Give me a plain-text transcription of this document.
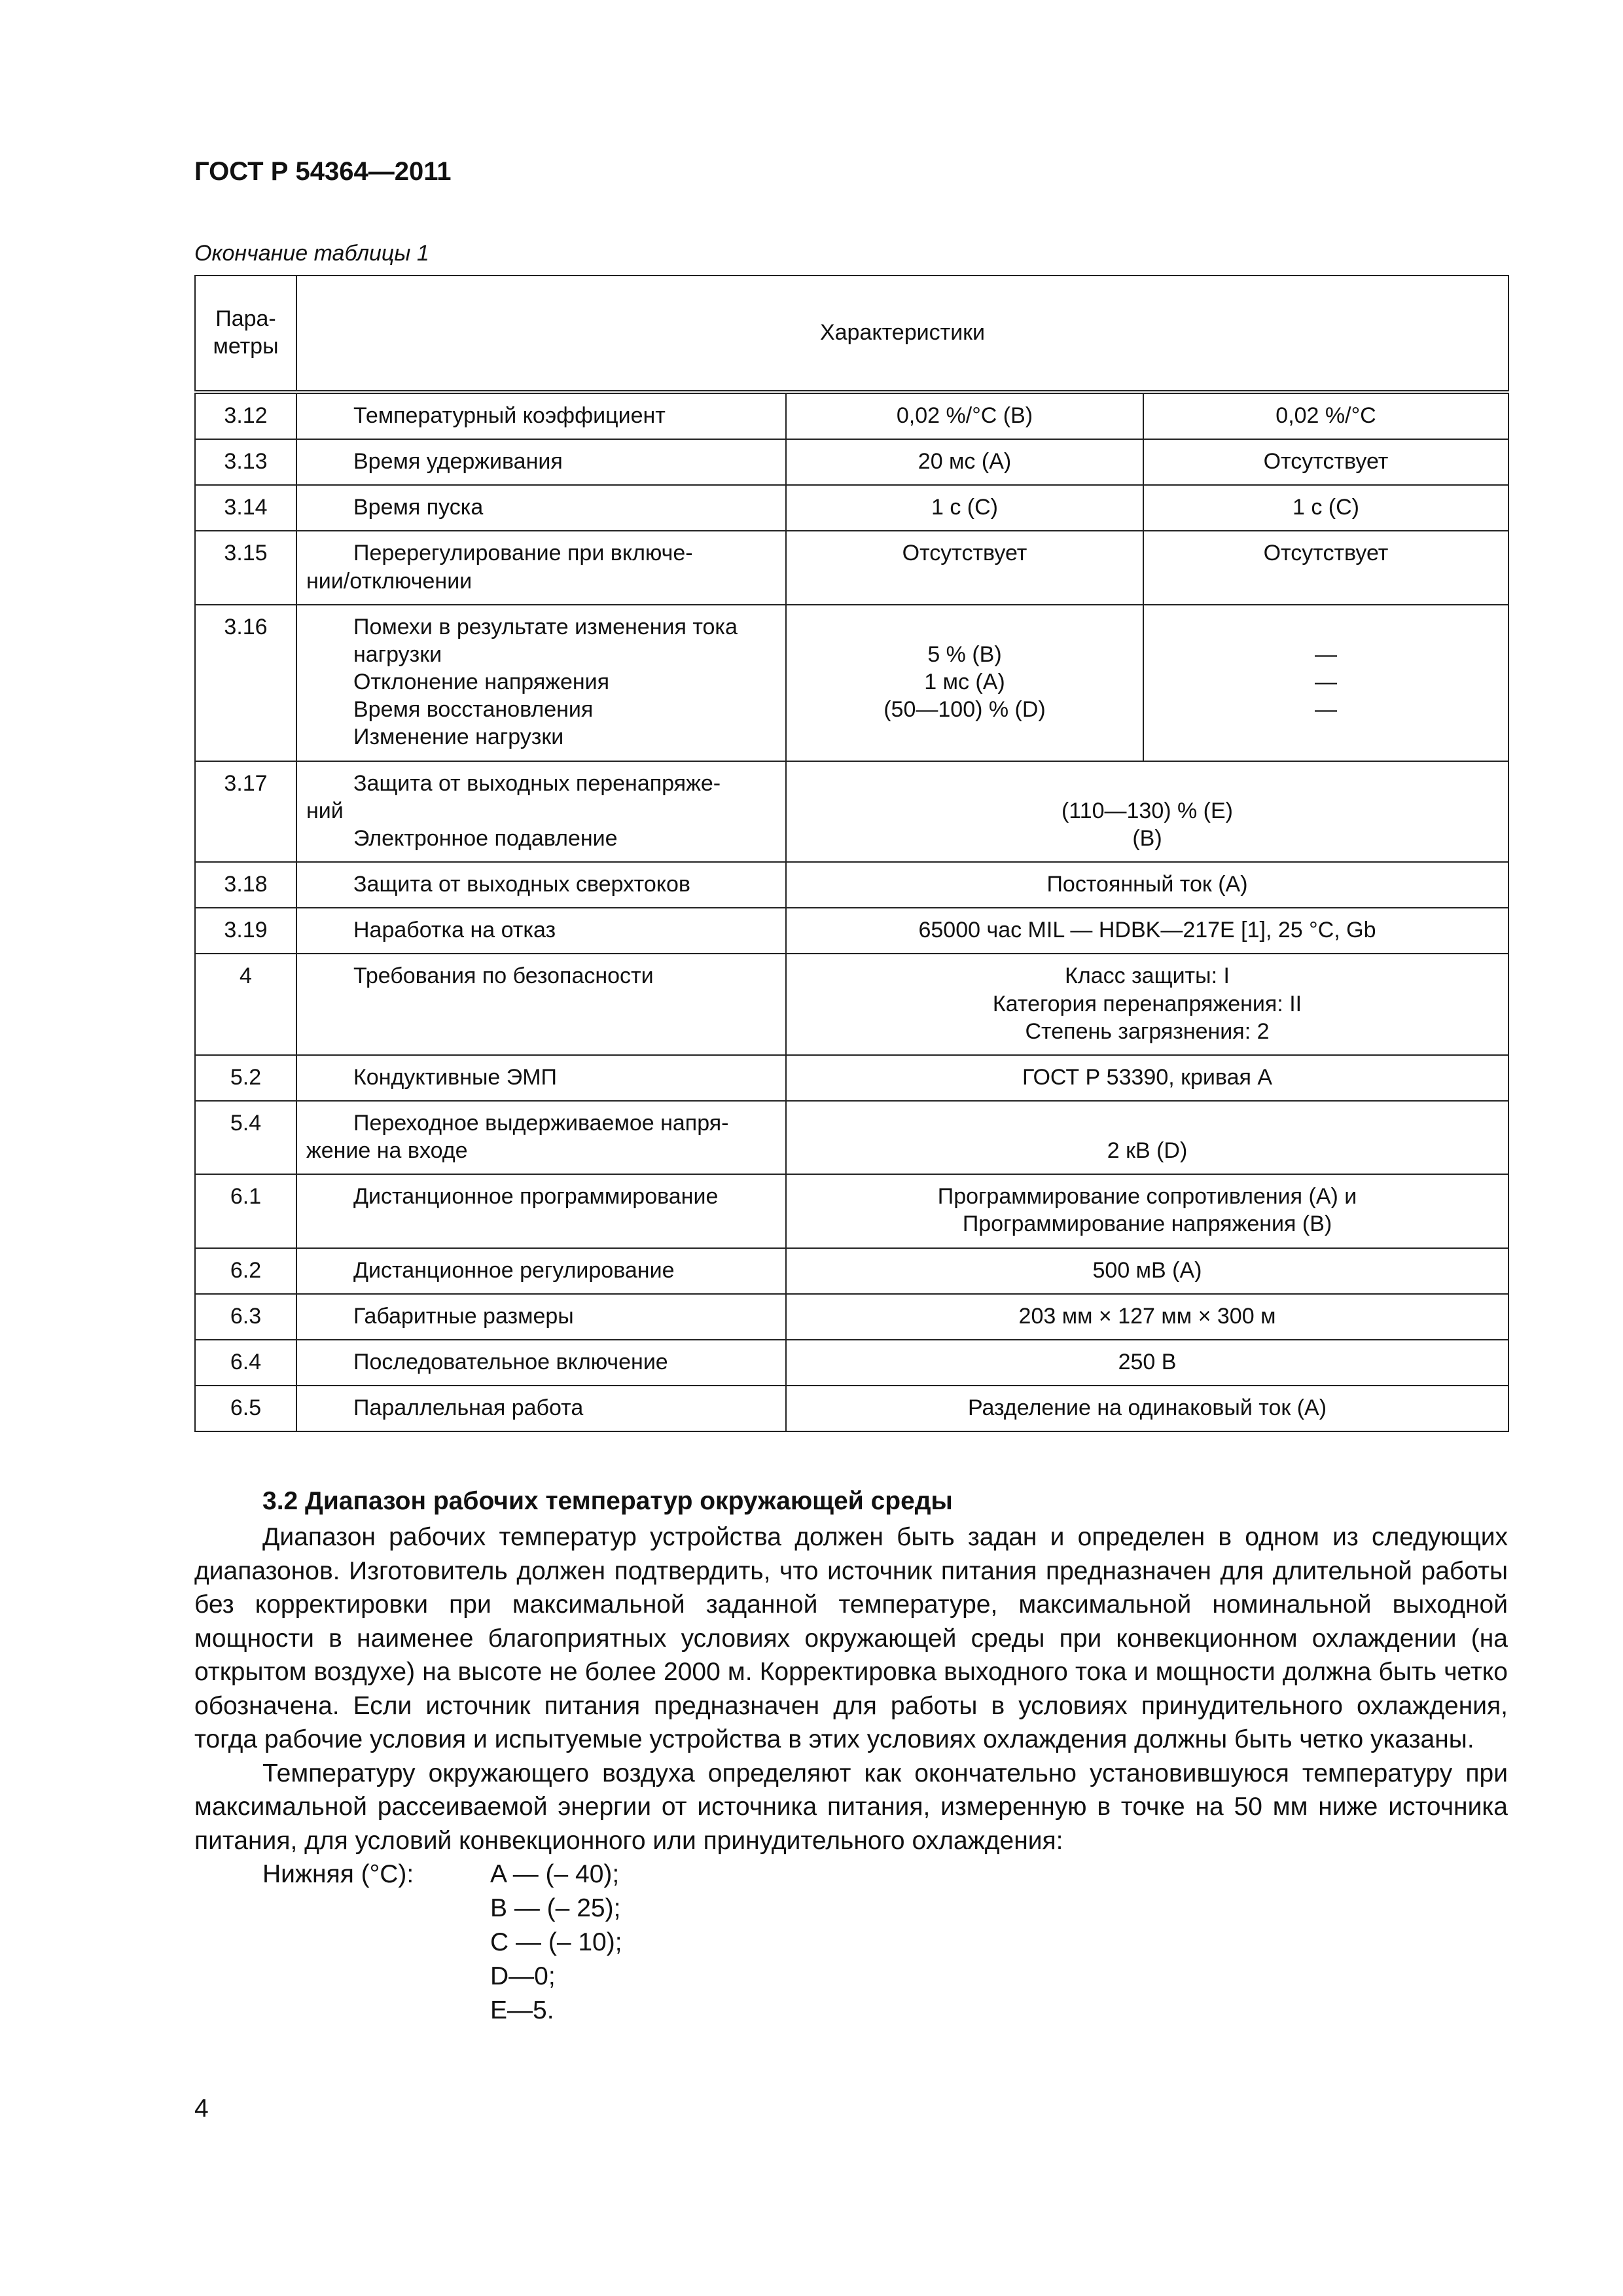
ГОСТ Р 54364—2011
Окончание таблицы 1
Пара-
метры	Характеристики		
3.12	Температурный коэффициент	0,02 %/°C (B)	0,02 %/°C

3.13	Время удерживания	20 мс (A)	Отсутствует

3.14	Время пуска	1 с (C)	1 с (C)

3.15	Перерегулирование при включе-
нии/отключении	Отсутствует	Отсутствует

3.16	Помехи в результате изменения тока
нагрузки
Отклонение напряжения
Время восстановления
Изменение нагрузки	5 % (B)
1 мс (A)
(50—100) % (D)	—
—
—

3.17	Защита от выходных перенапряже-
ний
Электронное подавление	(110—130) % (E)
(B)	

3.18	Защита от выходных сверхтоков	Постоянный ток (A)	

3.19	Наработка на отказ	65000 час MIL — HDBK—217E [1], 25 °C, Gb	

4	Требования по безопасности	Класс защиты: I
Категория перенапряжения: II
Степень загрязнения: 2	

5.2	Кондуктивные ЭМП	ГОСТ Р 53390, кривая А	

5.4	Переходное выдерживаемое напря-
жение на входе	2 кВ (D)	

6.1	Дистанционное программирование	Программирование сопротивления (A) и
Программирование напряжения (B)	

6.2	Дистанционное регулирование	500 мВ (A)	

6.3	Габаритные размеры	203 мм × 127 мм × 300 м	

6.4	Последовательное включение	250 В	

6.5	Параллельная работа	Разделение на одинаковый ток (A)	
3.2 Диапазон рабочих температур окружающей среды

Диапазон рабочих температур устройства должен быть задан и определен в одном из следующих диапазонов. Изготовитель должен подтвердить, что источник питания предназначен для длительной работы без корректировки при максимальной заданной температуре, максимальной номинальной выходной мощности в наименее благоприятных условиях окружающей среды при конвекционном охлаждении (на открытом воздухе) на высоте не более 2000 м. Корректировка выходного тока и мощности должна быть четко обозначена. Если источник питания предназначен для работы в условиях принудительного охлаждения, тогда рабочие условия и испытуемые устройства в этих условиях охлаждения должны быть четко указаны.

Температуру окружающего воздуха определяют как окончательно установившуюся температуру при максимальной рассеиваемой энергии от источника питания, измеренную в точке на 50 мм ниже источника питания, для условий конвекционного или принудительного охлаждения:

Нижняя (°C):	A — (– 40);
B — (– 25);
C — (– 10);
D—0;
E—5.
4
